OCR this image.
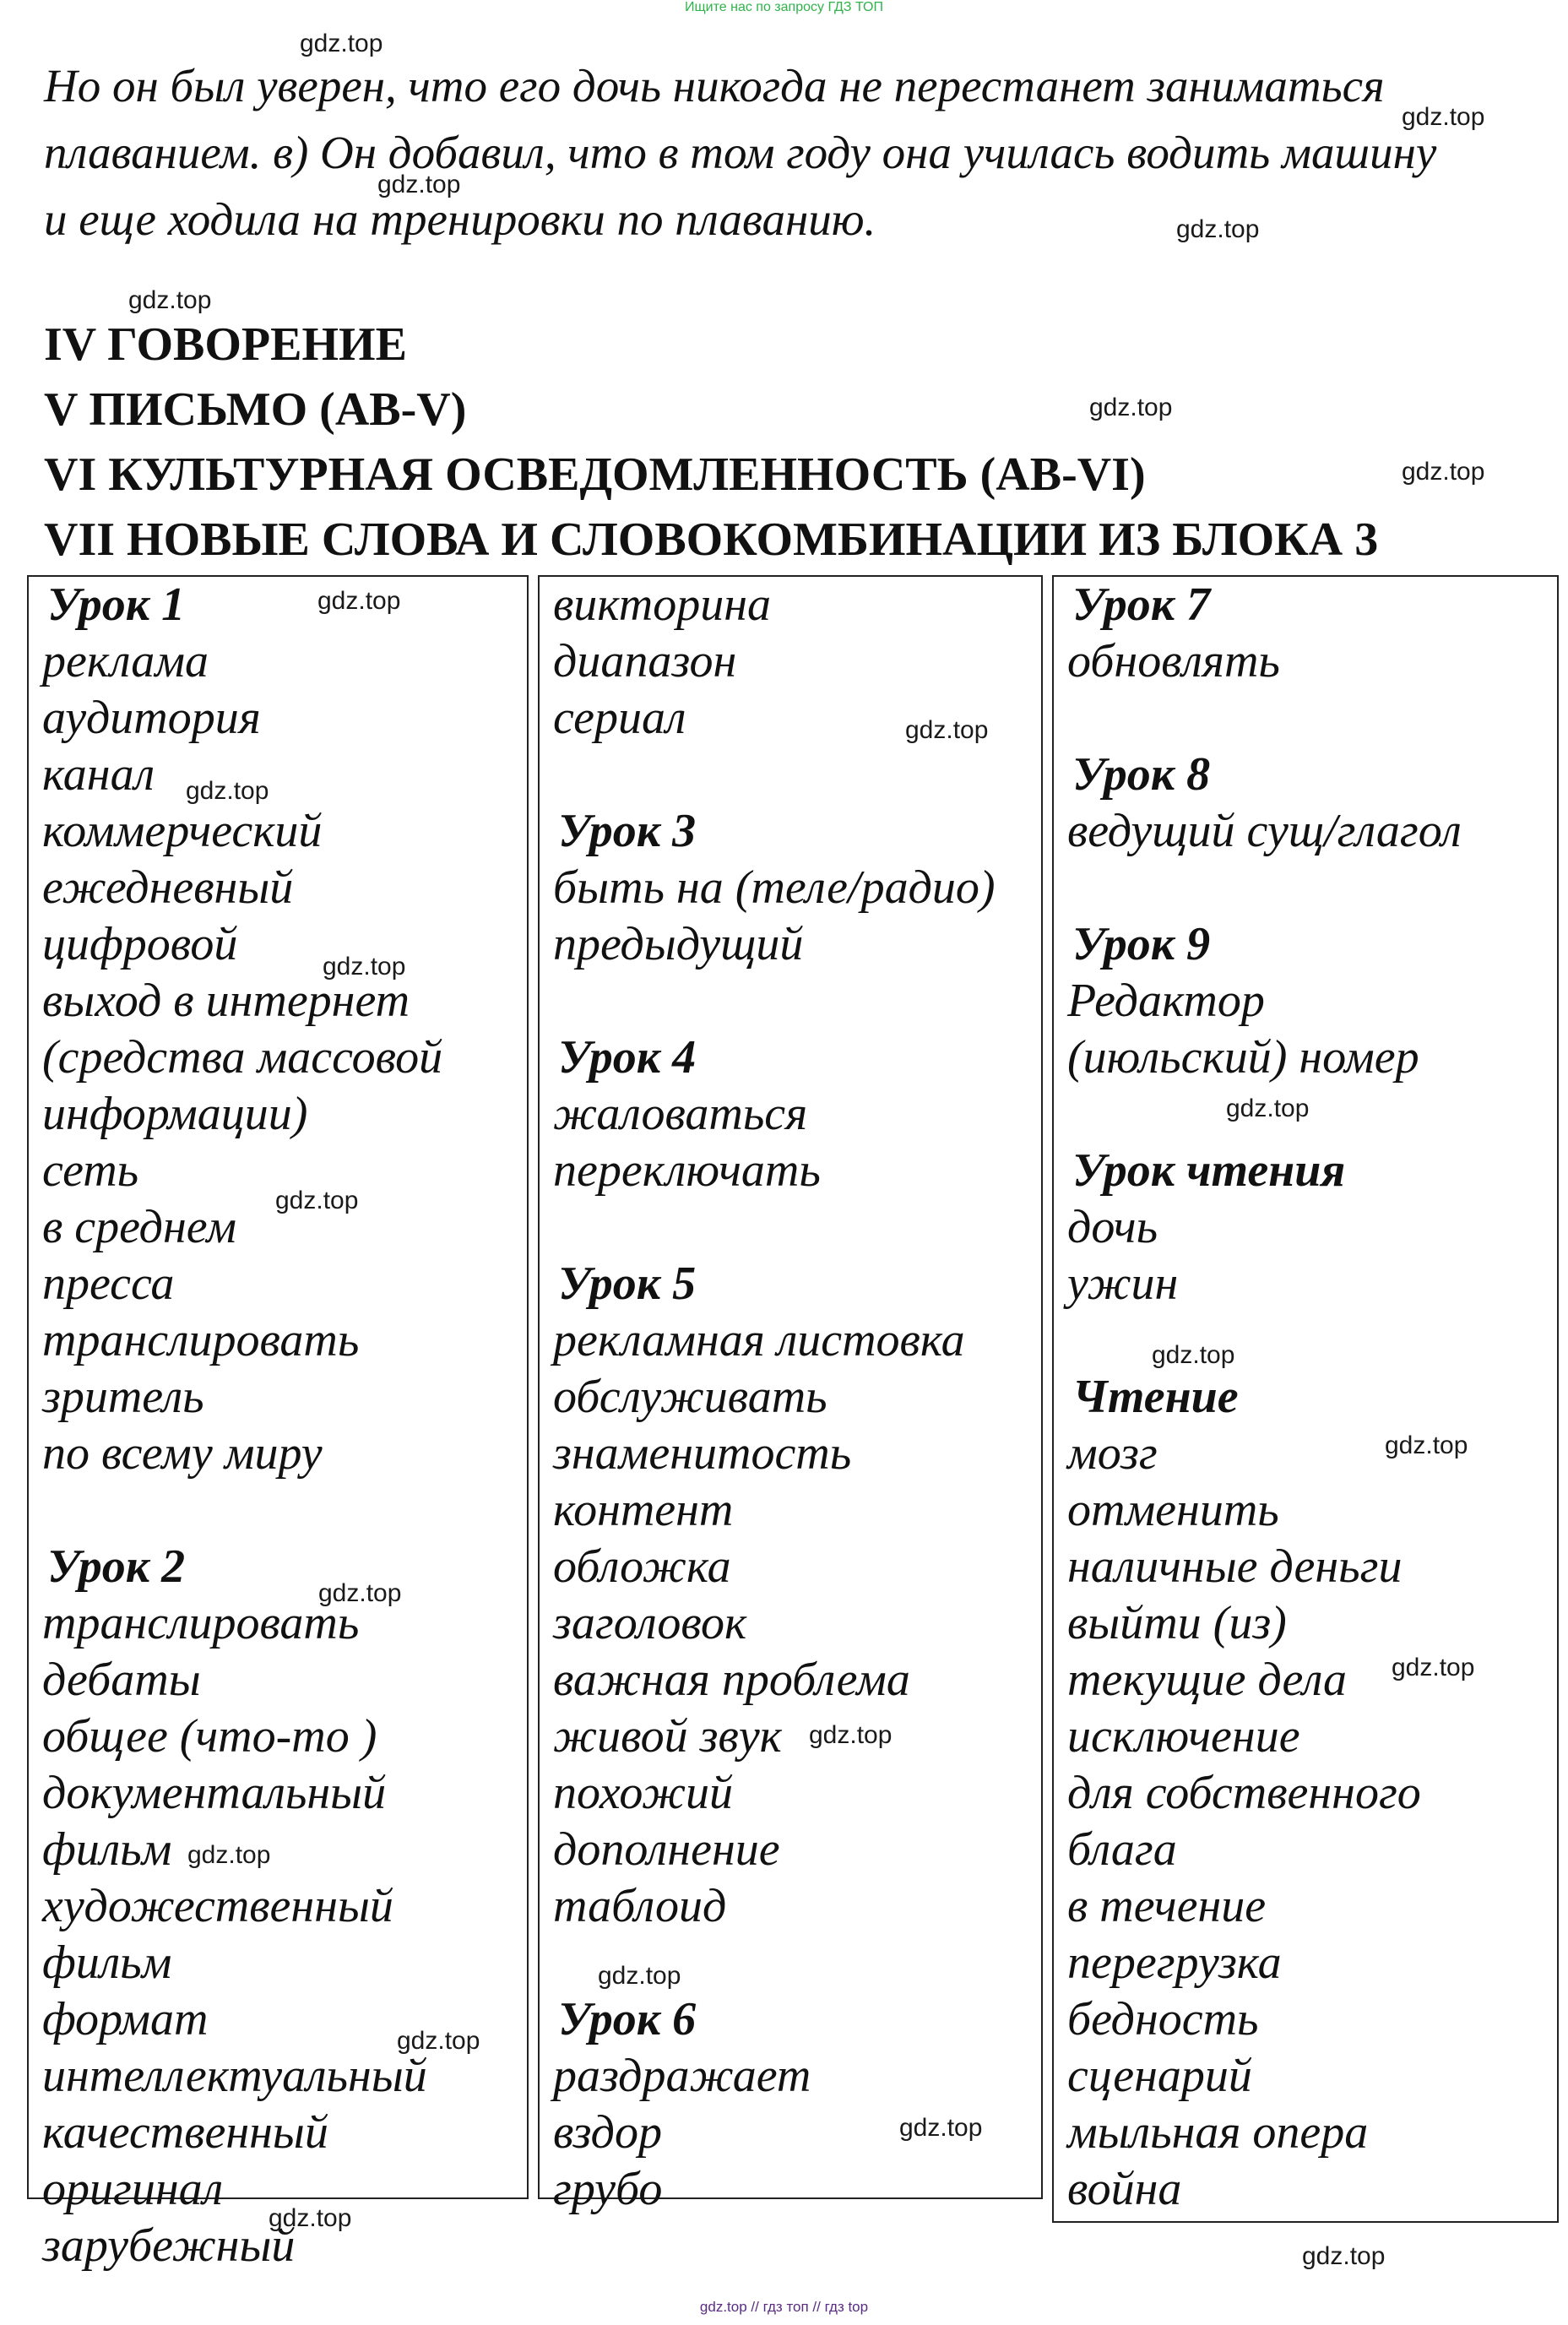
Ищите нас по запросу ГДЗ ТОП
Но он был уверен, что его дочь никогда не перестанет заниматься
плаванием. в) Он добавил, что в том году она училась водить машину
и еще ходила на тренировки по плаванию.
IV ГОВОРЕНИЕ
V ПИСЬМО (AB-V)
VI КУЛЬТУРНАЯ ОСВЕДОМЛЕННОСТЬ (AB-VI)
VII НОВЫЕ СЛОВА И СЛОВОКОМБИНАЦИИ ИЗ БЛОКА 3
Урок 1
реклама
аудитория
канал
коммерческий
ежедневный
цифровой
выход в интернет
(средства массовой
информации)
сеть
в среднем
пресса
транслировать
зритель
по всему миру
Урок 2
транслировать
дебаты
общее (что-то )
документальный
фильм
художественный
фильм
формат
интеллектуальный
качественный
оригинал
зарубежный
викторина
диапазон
сериал
Урок 3
быть на (теле/радио)
предыдущий
Урок 4
жаловаться
переключать
Урок 5
рекламная листовка
обслуживать
знаменитость
контент
обложка
заголовок
важная проблема
живой звук
похожий
дополнение
таблоид
Урок 6
раздражает
вздор
грубо
Урок 7
обновлять
Урок 8
ведущий сущ/глагол
Урок 9
Редактор
(июльский) номер
Урок чтения
дочь
ужин
Чтение
мозг
отменить
наличные деньги
выйти (из)
текущие дела
исключение
для собственного
блага
в течение
перегрузка
бедность
сценарий
мыльная опера
война
gdz.top
gdz.top
gdz.top
gdz.top
gdz.top
gdz.top
gdz.top
gdz.top
gdz.top
gdz.top
gdz.top
gdz.top
gdz.top
gdz.top
gdz.top
gdz.top
gdz.top
gdz.top
gdz.top
gdz.top
gdz.top
gdz.top
gdz.top
gdz.top
gdz.top // гдз топ // гдз top
